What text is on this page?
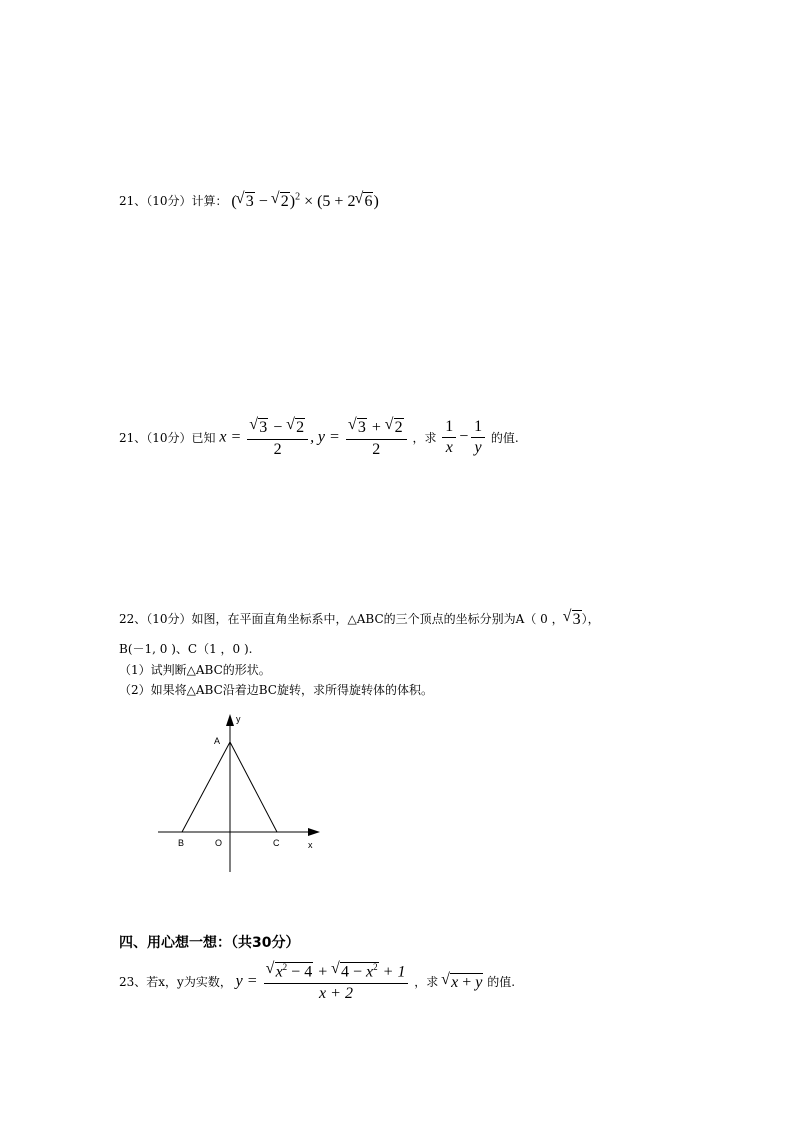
21、（10分）计算： ( √ 3 − √ 2)$^2$ × (5 + 2 √ 6)
21、（10分）已知 x = √ $\frac{3 - √ 2}{2}$ , y = √ $\frac{3 + √ 2}{2}$ ，求 $\frac{1}{x} - \frac{1}{y}$ 的值.
22、（10分）如图，在平面直角坐标系中，△ABC的三个顶点的坐标分别为A（ 0 ，√ 3），
B(－1, 0 )、C（1 ，0 ).
（1）试判断△ABC的形状。
（2）如果将△ABC沿着边BC旋转，求所得旋转体的体积。
A
B	O	C	x
y
四、用心想一想：（共30分）
23、若x，y为实数， y = √ $\frac{x^2 - 4 + √ 4 - x^2 + 1}{x + 2}$ ，求 √ x + y 的值.
